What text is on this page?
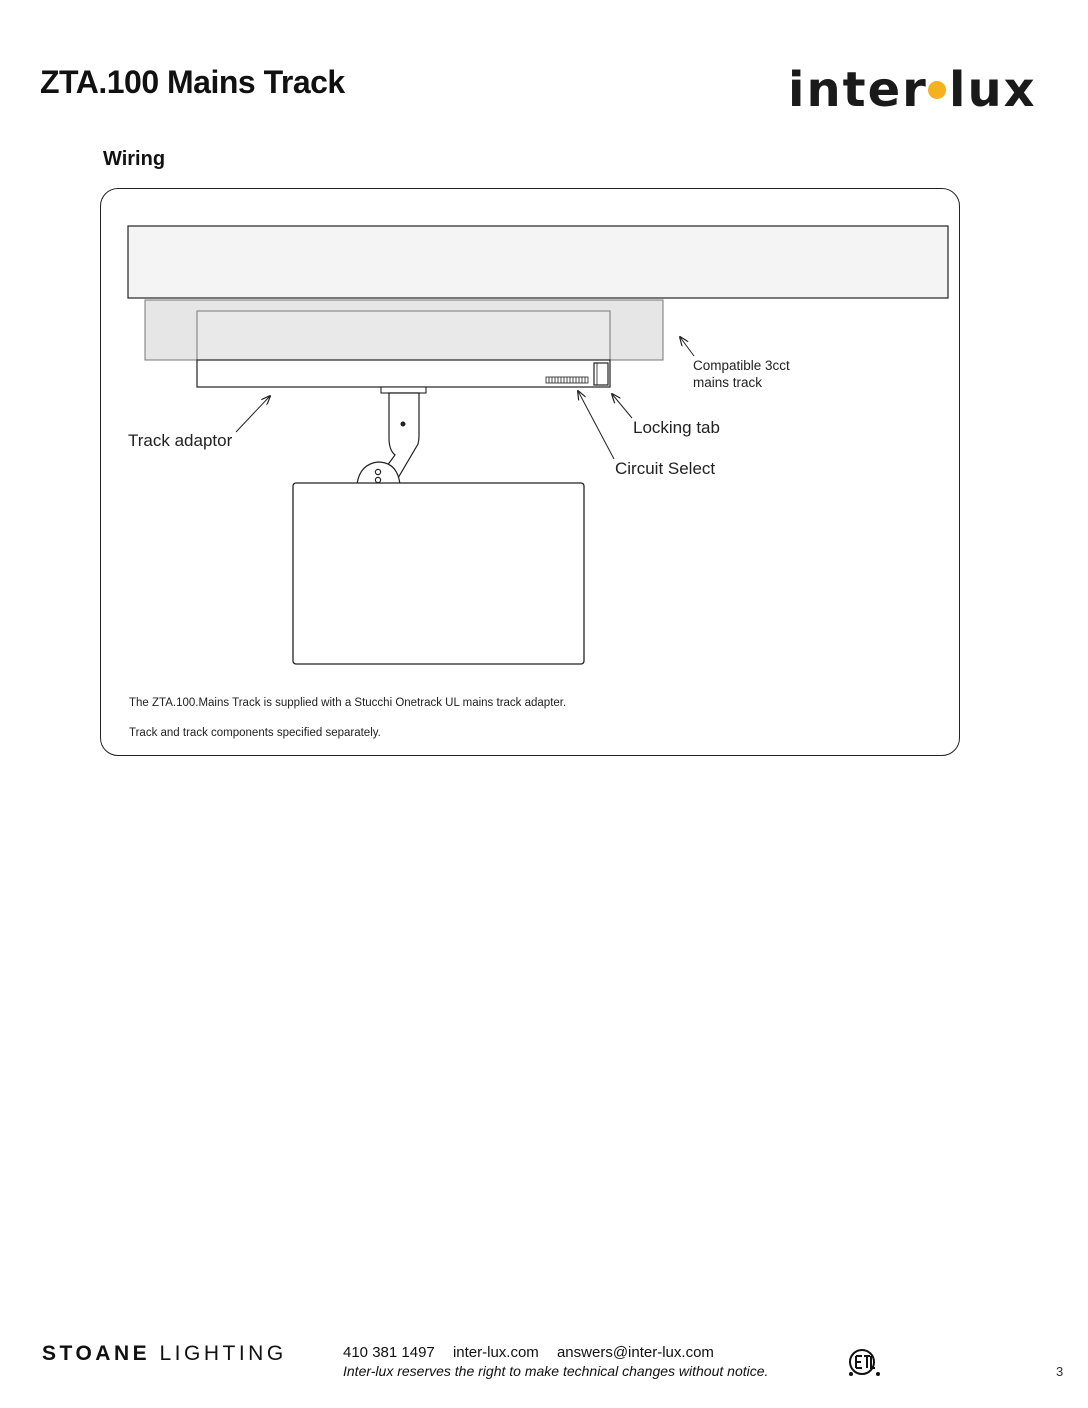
ZTA.100 Mains Track	inter lux
Wiring
Compatible 3cct
mains track
Locking tab
Track adaptor
Circuit Select
The ZTA.100.Mains Track is supplied with a Stucchi Onetrack UL mains track adapter.
Track and track components specified separately.
STOANE LIGHTING	410 381 1497 inter-lux.com answers@inter-lux.com
Inter-lux reserves the right to make technical changes without notice.	3
